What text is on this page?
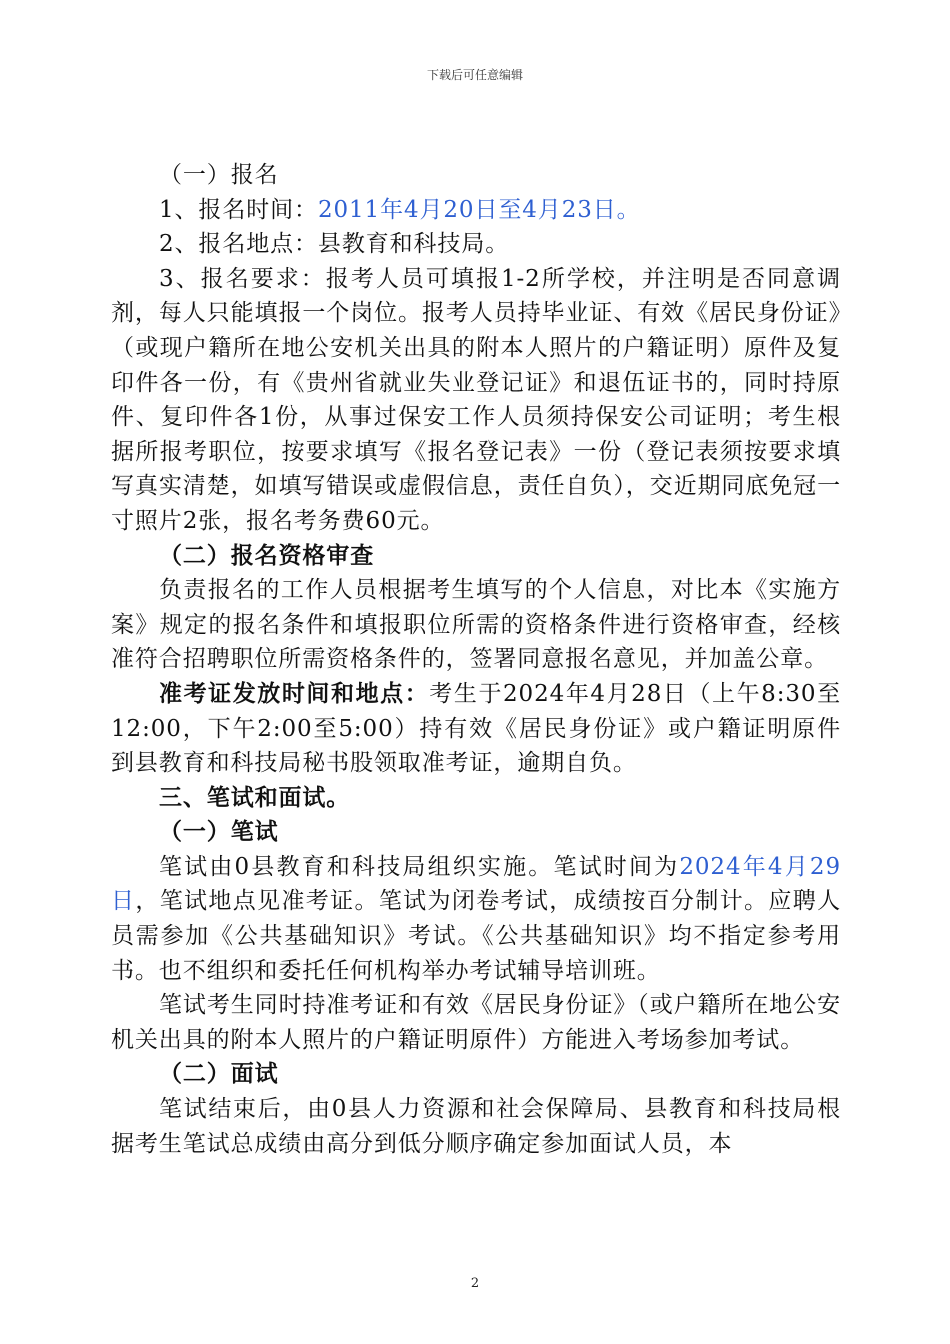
下载后可任意编辑

（一）报名

1、报名时间：2011年4月20日至4月23日。

2、报名地点：县教育和科技局。

3、报名要求：报考人员可填报1-2所学校，并注明是否同意调剂，每人只能填报一个岗位。报考人员持毕业证、有效《居民身份证》（或现户籍所在地公安机关出具的附本人照片的户籍证明）原件及复印件各一份，有《贵州省就业失业登记证》和退伍证书的，同时持原件、复印件各1份，从事过保安工作人员须持保安公司证明；考生根据所报考职位，按要求填写《报名登记表》一份（登记表须按要求填写真实清楚，如填写错误或虚假信息，责任自负），交近期同底免冠一寸照片2张，报名考务费60元。

（二）报名资格审查

负责报名的工作人员根据考生填写的个人信息，对比本《实施方案》规定的报名条件和填报职位所需的资格条件进行资格审查，经核准符合招聘职位所需资格条件的，签署同意报名意见，并加盖公章。

准考证发放时间和地点：考生于2024年4月28日（上午8:30至12:00，下午2:00至5:00）持有效《居民身份证》或户籍证明原件到县教育和科技局秘书股领取准考证，逾期自负。

三、笔试和面试。

（一）笔试

笔试由0县教育和科技局组织实施。笔试时间为2024年4月29日，笔试地点见准考证。笔试为闭卷考试，成绩按百分制计。应聘人员需参加《公共基础知识》考试。《公共基础知识》均不指定参考用书。也不组织和委托任何机构举办考试辅导培训班。

笔试考生同时持准考证和有效《居民身份证》（或户籍所在地公安机关出具的附本人照片的户籍证明原件）方能进入考场参加考试。

（二）面试

笔试结束后，由0县人力资源和社会保障局、县教育和科技局根据考生笔试总成绩由高分到低分顺序确定参加面试人员，本

2
